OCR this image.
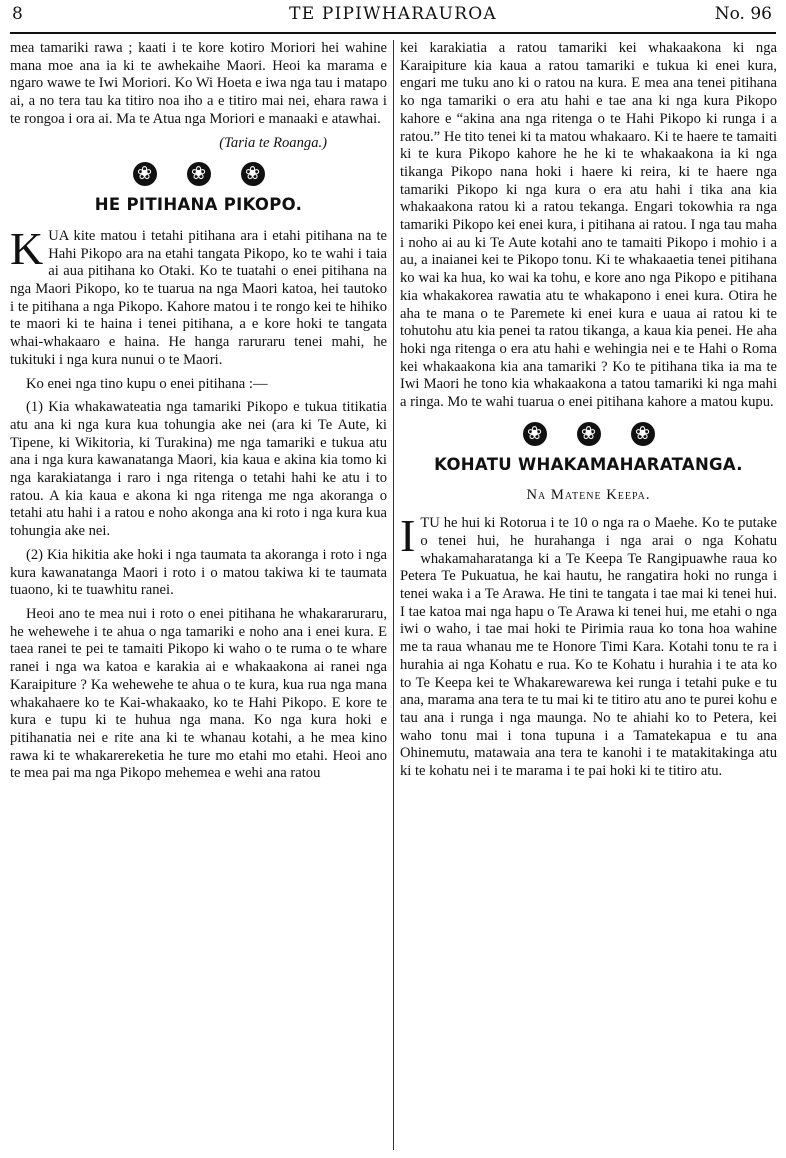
8	TE PIPIWHARAUROA	No. 96

mea tamariki rawa ; kaati i te kore kotiro Moriori hei wahine mana moe ana ia ki te awhekaihe Maori. Heoi ka marama e ngaro wawe te Iwi Moriori. Ko Wi Hoeta e iwa nga tau i matapo ai, a no tera tau ka titiro noa iho a e titiro mai nei, ehara rawa i te rongoa i ora ai. Ma te Atua nga Moriori e manaaki e atawhai.

(Taria te Roanga.)

❀ ❀ ❀
HE PITIHANA PIKOPO.

KUA kite matou i tetahi pitihana ara i etahi pitihana na te Hahi Pikopo ara na etahi tangata Pikopo, ko te wahi i taia ai aua pitihana ko Otaki. Ko te tuatahi o enei pitihana na nga Maori Pikopo, ko te tuarua na nga Maori katoa, hei tautoko i te pitihana a nga Pikopo. Kahore matou i te rongo kei te hihiko te maori ki te haina i tenei pitihana, a e kore hoki te tangata whai-whakaaro e haina. He hanga raruraru tenei mahi, he tukituki i nga kura nunui o te Maori.

Ko enei nga tino kupu o enei pitihana :—

(1) Kia whakawateatia nga tamariki Pikopo e tukua titikatia atu ana ki nga kura kua tohungia ake nei (ara ki Te Aute, ki Tipene, ki Wikitoria, ki Turakina) me nga tamariki e tukua atu ana i nga kura kawanatanga Maori, kia kaua e akina kia tomo ki nga karakiatanga i raro i nga ritenga o tetahi hahi ke atu i to ratou. A kia kaua e akona ki nga ritenga me nga akoranga o tetahi atu hahi i a ratou e noho akonga ana ki roto i nga kura kua tohungia ake nei.

(2) Kia hikitia ake hoki i nga taumata ta akoranga i roto i nga kura kawanatanga Maori i roto i o matou takiwa ki te taumata tuaono, ki te tuawhitu ranei.

Heoi ano te mea nui i roto o enei pitihana he whakararuraru, he wehewehe i te ahua o nga tamariki e noho ana i enei kura. E taea ranei te pei te tamaiti Pikopo ki waho o te ruma o te whare ranei i nga wa katoa e karakia ai e whakaakona ai ranei nga Karaipiture ? Ka wehewehe te ahua o te kura, kua rua nga mana whakahaere ko te Kai-whakaako, ko te Hahi Pikopo. E kore te kura e tupu ki te huhua nga mana. Ko nga kura hoki e pitihanatia nei e rite ana ki te whanau kotahi, a he mea kino rawa ki te whakarereketia he ture mo etahi mo etahi. Heoi ano te mea pai ma nga Pikopo mehemea e wehi ana ratou

kei karakiatia a ratou tamariki kei whakaakona ki nga Karaipiture kia kaua a ratou tamariki e tukua ki enei kura, engari me tuku ano ki o ratou na kura. E mea ana tenei pitihana ko nga tamariki o era atu hahi e tae ana ki nga kura Pikopo kahore e “akina ana nga ritenga o te Hahi Pikopo ki runga i a ratou.” He tito tenei ki ta matou whakaaro. Ki te haere te tamaiti ki te kura Pikopo kahore he he ki te whakaakona ia ki nga tikanga Pikopo nana hoki i haere ki reira, ki te haere nga tamariki Pikopo ki nga kura o era atu hahi i tika ana kia whakaakona ratou ki a ratou tekanga. Engari tokowhia ra nga tamariki Pikopo kei enei kura, i pitihana ai ratou. I nga tau maha i noho ai au ki Te Aute kotahi ano te tamaiti Pikopo i mohio i a au, a inaianei kei te Pikopo tonu. Ki te whakaaetia tenei pitihana ko wai ka hua, ko wai ka tohu, e kore ano nga Pikopo e pitihana kia whakakorea rawatia atu te whakapono i enei kura. Otira he aha te mana o te Paremete ki enei kura e uaua ai ratou ki te tohutohu atu kia penei ta ratou tikanga, a kaua kia penei. He aha hoki nga ritenga o era atu hahi e wehingia nei e te Hahi o Roma kei whakaakona kia ana tamariki ? Ko te pitihana tika ia ma te Iwi Maori he tono kia whakaakona a tatou tamariki ki nga mahi a ringa. Mo te wahi tuarua o enei pitihana kahore a matou kupu.

❀ ❀ ❀
KOHATU WHAKAMAHARATANGA.
Na Matene Keepa.

ITU he hui ki Rotorua i te 10 o nga ra o Maehe. Ko te putake o tenei hui, he hurahanga i nga arai o nga Kohatu whakamaharatanga ki a Te Keepa Te Rangipuawhe raua ko Petera Te Pukuatua, he kai hautu, he rangatira hoki no runga i tenei waka i a Te Arawa. He tini te tangata i tae mai ki tenei hui. I tae katoa mai nga hapu o Te Arawa ki tenei hui, me etahi o nga iwi o waho, i tae mai hoki te Pirimia raua ko tona hoa wahine me ta raua whanau me te Honore Timi Kara. Kotahi tonu te ra i hurahia ai nga Kohatu e rua. Ko te Kohatu i hurahia i te ata ko to Te Keepa kei te Whakarewarewa kei runga i tetahi puke e tu ana, marama ana tera te tu mai ki te titiro atu ano te purei kohu e tau ana i runga i nga maunga. No te ahiahi ko to Petera, kei waho tonu mai i tona tupuna i a Tamatekapua e tu ana Ohinemutu, matawaia ana tera te kanohi i te matakitakinga atu ki te kohatu nei i te marama i te pai hoki ki te titiro atu.
